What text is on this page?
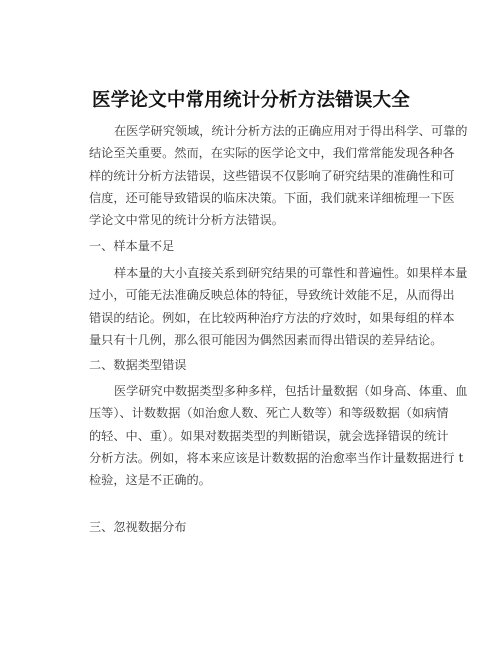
医学论文中常用统计分析方法错误大全
在医学研究领域，统计分析方法的正确应用对于得出科学、可靠的
结论至关重要。然而，在实际的医学论文中，我们常常能发现各种各
样的统计分析方法错误，这些错误不仅影响了研究结果的准确性和可
信度，还可能导致错误的临床决策。下面，我们就来详细梳理一下医
学论文中常见的统计分析方法错误。
一、样本量不足
样本量的大小直接关系到研究结果的可靠性和普遍性。如果样本量
过小，可能无法准确反映总体的特征，导致统计效能不足，从而得出
错误的结论。例如，在比较两种治疗方法的疗效时，如果每组的样本
量只有十几例，那么很可能因为偶然因素而得出错误的差异结论。
二、数据类型错误
医学研究中数据类型多种多样，包括计量数据（如身高、体重、血
压等）、计数数据（如治愈人数、死亡人数等）和等级数据（如病情
的轻、中、重）。如果对数据类型的判断错误，就会选择错误的统计
分析方法。例如，将本来应该是计数数据的治愈率当作计量数据进行 t
检验，这是不正确的。
三、忽视数据分布
